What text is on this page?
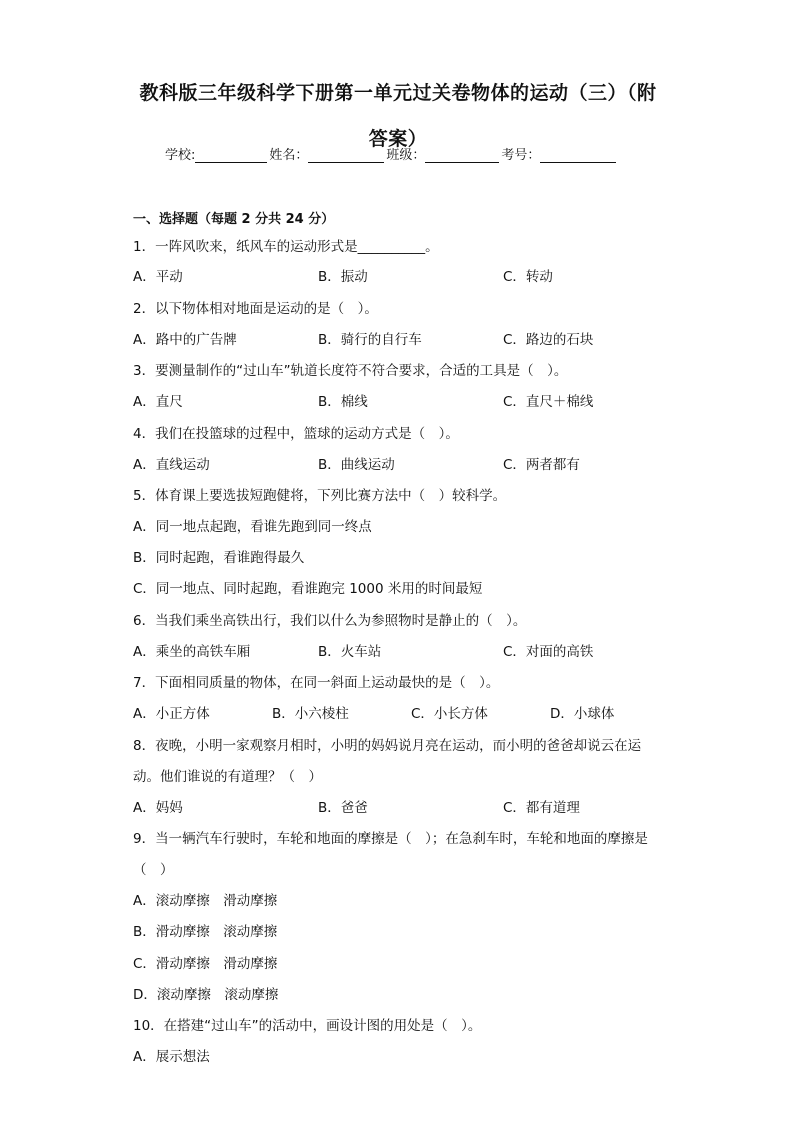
教科版三年级科学下册第一单元过关卷物体的运动（三）（附答案）
学校:	姓名：	班级：	考号：
一、选择题（每题 2 分共 24 分）
1．一阵风吹来，纸风车的运动形式是__________。
A．平动	B．振动	C．转动
2．以下物体相对地面是运动的是（　）。
A．路中的广告牌	B．骑行的自行车	C．路边的石块
3．要测量制作的“过山车”轨道长度符不符合要求，合适的工具是（　）。
A．直尺	B．棉线	C．直尺＋棉线
4．我们在投篮球的过程中，篮球的运动方式是（　）。
A．直线运动	B．曲线运动	C．两者都有
5．体育课上要选拔短跑健将，下列比赛方法中（　）较科学。
A．同一地点起跑，看谁先跑到同一终点
B．同时起跑，看谁跑得最久
C．同一地点、同时起跑，看谁跑完 1000 米用的时间最短
6．当我们乘坐高铁出行，我们以什么为参照物时是静止的（　）。
A．乘坐的高铁车厢	B．火车站	C．对面的高铁
7．下面相同质量的物体，在同一斜面上运动最快的是（　）。
A．小正方体	B．小六棱柱	C．小长方体	D．小球体
8．夜晚，小明一家观察月相时，小明的妈妈说月亮在运动，而小明的爸爸却说云在运
动。他们谁说的有道理？（　）
A．妈妈	B．爸爸	C．都有道理
9．当一辆汽车行驶时，车轮和地面的摩擦是（　）；在急刹车时，车轮和地面的摩擦是
（　）
A．滚动摩擦　滑动摩擦
B．滑动摩擦　滚动摩擦
C．滑动摩擦　滑动摩擦
D．滚动摩擦　滚动摩擦
10．在搭建“过山车”的活动中，画设计图的用处是（　）。
A．展示想法
